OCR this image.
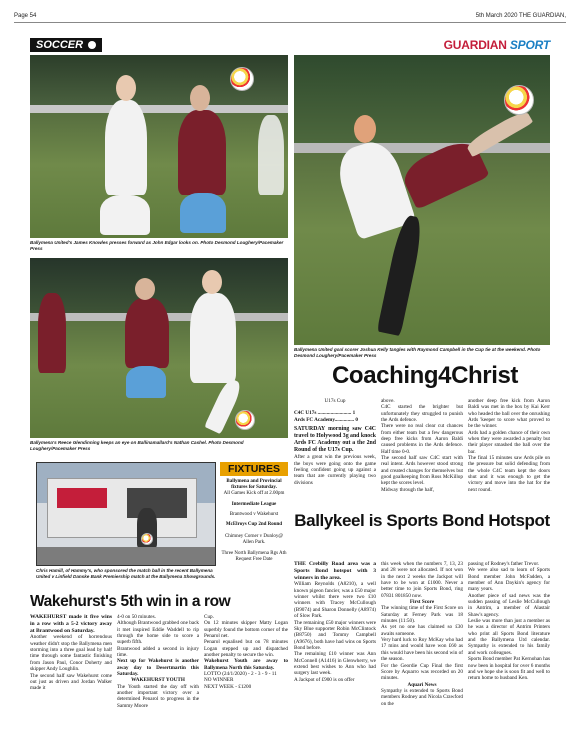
Page 54	5th March 2020 THE GUARDIAN,
SOCCER	GUARDIAN SPORT
Ballymena United's James Knowles presses forward as John Edgar looks on. Photo Desmond Loughery/Pacemaker Press
Ballymena United goal scorer Joshua Kelly tangles with Raymond Campbell in the Cup tie at the weekend. Photo Desmond Loughery/Pacemaker Press
Ballymena's Reece Glendinning keeps an eye on Ballinamallard's Nathan Cashel. Photo Desmond Loughery/Pacemaker Press
Chris Hamill, of Hammy's, who sponsored the match ball in the recent Ballymena United v Linfield Danske Bank Premiership match at the Ballymena Showgrounds.
FIXTURES

Ballymena and Provincial fixtures for Saturday.

All Games Kick off at 2.00pm

Intermediate League

Brantwood v Wakehurst

McElroys Cup 2nd Round

Chimney Corner v Dunloy@ Allen Park.

Three North Ballymena Rgs Ath Request Free Date

Wakehurst's 5th win in a row

WAKEHURST made it five wins in a row with a 5-2 victory away at Brantwood on Saturday.

Another weekend of horrendous weather didn't stop the Ballymena men storming into a three goal lead by half time through some fantastic finishing from Jason Paul, Conor Doherty and skipper Andy Loughlin.

The second half saw Wakehurst come out just as driven and Jordan Walker made it

4-0 on 50 minutes.

Although Brantwood grabbed one back it met inspired Eddie Waddell to rip through the home side to score a superb fifth.

Brantwood added a second in injury time.

Next up for Wakehurst is another away day to Desertmartin this Saturday.

WAKEHURST YOUTH

The Youth started the day off with another important victory over a determined Penarol to progress in the Sammy Moore

Cup.

On 12 minutes skipper Matty Logan superbly found the bottom corner of the Penarol net.

Penarol equalised but on 78 minutes Logan stepped up and dispatched another penalty to secure the win.

Wakehurst Youth are away to Ballymena North this Saturday.

LOTTO (24/1/2020) - 2 - 3 - 9 - 11

NO WINNER

NEXT WEEK - £1200

Coaching4Christ

U17s Cup

C4C U17s .......................... 1

Ards FC Academy............... 0

SATURDAY morning saw C4C travel to Holywood 3g and knock Ards FC Academy out a the 2nd Round of the U17s Cup.

After a great win the previous week, the boys were going onto the game feeling confident going up against a team that are currently playing two divisions

above.

C4C started the brighter but unfortunately they struggled to punish the Ards defence.

There were no real clear cut chances from either team but a few dangerous deep free kicks from Aaron Baldi caused problems in the Ards defence. Half time 0-0.

The second half saw C4C start with real intent. Ards however stood strong and created changes for themselves but good goalkeeping from Ross McKillop kept the scores level.

Midway through the half,

another deep free kick from Aaron Baldi was met in the box by Kai Kerr who headed the ball over the onrushing Ards 'keeper to score what proved to be the winner.

Ards had a golden chance of their own when they were awarded a penalty but their player smashed the ball over the bar.

The final 15 minutes saw Ards pile on the pressure but solid defending from the whole C4C team kept the doors shut and it was enough to get the victory and move into the hat for the next round.

Ballykeel is Sports Bond Hotspot

THE Crebilly Road area was a Sports Bond hotspot with 3 winners in the area.

William Reynolds (A8210), a well known pigeon fancier, was a £50 major winner whilst there were two £10 winners with Tracey McCullough (B9074) and Sharon Donnelly (A8974) of Slow Park.

The remaining £50 major winners were Sky Blue supporter Robin McClintock (B8750) and Tommy Campbell (A9676), both have had wins on Sports Bond before.

The remaining £10 winner was Ann McConnell (A1416) in Glenwherry, we extend best wishes to Ann who had surgery last week.

A Jackpot of £900 is on offer

this week when the numbers 7, 13, 23 and 28 were not allocated. If not won in the next 2 weeks the Jackpot will have to be won at £1000. Never a better time to join Sports Bond, ring 07831 801850 now.

First Score

The winning time of the First Score on Saturday at Ferney Park was 18 minutes (11:50).

As yet no one has claimed so £30 awaits someone.

Very hard luck to Roy McKay who had 17 mins and would have won £60 as this would have been his second win of the season.

For the Geordie Cup Final the first Score by Aquarro was recorded on 20 minutes.

Aquari News

Sympathy is extended to Sports Bond members Rodney and Nicola Crawford on the

passing of Rodney's father Trevor.

We were also sad to learn of Sports Bond member John McFadden, a member of Ann Daykin's agency for many years.

Another piece of sad news was the sudden passing of Leslie McCullough in Antrim, a member of Alastair Shaw's agency.

Leslie was more than just a member as he was a director of Antrim Printers who print all Sports Bond literature and the Ballymena Utd calendar. Sympathy is extended to his family and work colleagues.

Sports Bond member Pat Kernohan has now been in hospital for over 6 months and we hope she is soon fit and well to return home to husband Ken.
